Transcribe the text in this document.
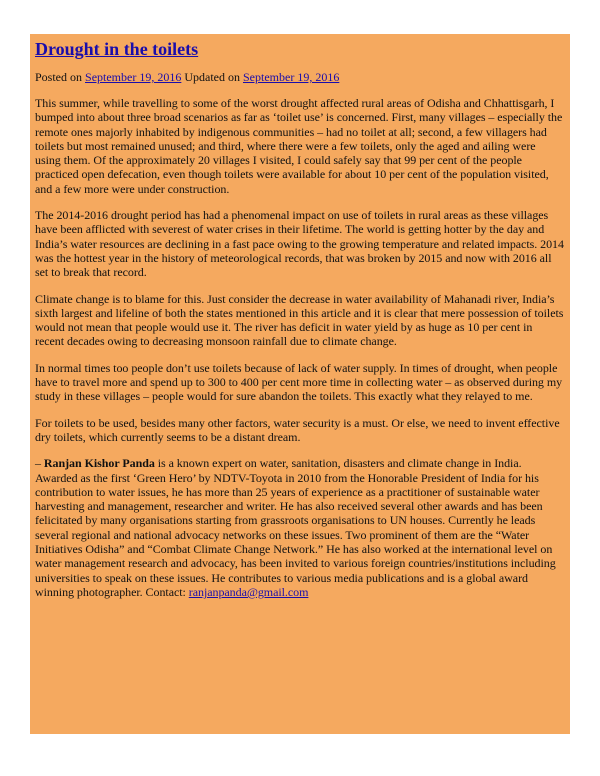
Drought in the toilets
Posted on September 19, 2016 Updated on September 19, 2016

This summer, while travelling to some of the worst drought affected rural areas of Odisha and Chhattisgarh, I bumped into about three broad scenarios as far as ‘toilet use’ is concerned. First, many villages – especially the remote ones majorly inhabited by indigenous communities – had no toilet at all; second, a few villagers had toilets but most remained unused; and third, where there were a few toilets, only the aged and ailing were using them. Of the approximately 20 villages I visited, I could safely say that 99 per cent of the people practiced open defecation, even though toilets were available for about 10 per cent of the population visited, and a few more were under construction.

The 2014-2016 drought period has had a phenomenal impact on use of toilets in rural areas as these villages have been afflicted with severest of water crises in their lifetime. The world is getting hotter by the day and India’s water resources are declining in a fast pace owing to the growing temperature and related impacts. 2014 was the hottest year in the history of meteorological records, that was broken by 2015 and now with 2016 all set to break that record.

Climate change is to blame for this. Just consider the decrease in water availability of Mahanadi river, India’s sixth largest and lifeline of both the states mentioned in this article and it is clear that mere possession of toilets would not mean that people would use it. The river has deficit in water yield by as huge as 10 per cent in recent decades owing to decreasing monsoon rainfall due to climate change.

In normal times too people don’t use toilets because of lack of water supply. In times of drought, when people have to travel more and spend up to 300 to 400 per cent more time in collecting water – as observed during my study in these villages – people would for sure abandon the toilets. This exactly what they relayed to me.

For toilets to be used, besides many other factors, water security is a must. Or else, we need to invent effective dry toilets, which currently seems to be a distant dream.

– Ranjan Kishor Panda is a known expert on water, sanitation, disasters and climate change in India. Awarded as the first ‘Green Hero’ by NDTV-Toyota in 2010 from the Honorable President of India for his contribution to water issues, he has more than 25 years of experience as a practitioner of sustainable water harvesting and management, researcher and writer. He has also received several other awards and has been felicitated by many organisations starting from grassroots organisations to UN houses. Currently he leads several regional and national advocacy networks on these issues. Two prominent of them are the “Water Initiatives Odisha” and “Combat Climate Change Network.” He has also worked at the international level on water management research and advocacy, has been invited to various foreign countries/institutions including universities to speak on these issues. He contributes to various media publications and is a global award winning photographer. Contact: ranjanpanda@gmail.com
